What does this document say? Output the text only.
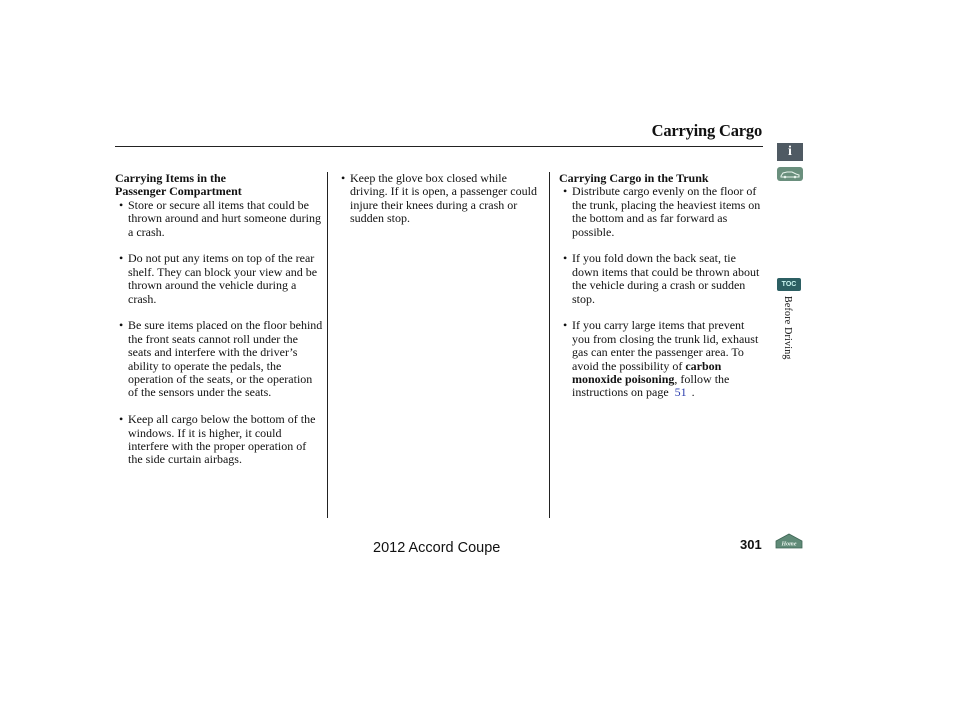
Carrying Cargo
Carrying Items in the
Passenger Compartment
• Store or secure all items that could be thrown around and hurt someone during a crash.
• Do not put any items on top of the rear shelf. They can block your view and be thrown around the vehicle during a crash.
• Be sure items placed on the floor behind the front seats cannot roll under the seats and interfere with the driver’s ability to operate the pedals, the operation of the seats, or the operation of the sensors under the seats.
• Keep all cargo below the bottom of the windows. If it is higher, it could interfere with the proper operation of the side curtain airbags.
• Keep the glove box closed while driving. If it is open, a passenger could injure their knees during a crash or sudden stop.
Carrying Cargo in the Trunk
• Distribute cargo evenly on the floor of the trunk, placing the heaviest items on the bottom and as far forward as possible.
• If you fold down the back seat, tie down items that could be thrown about the vehicle during a crash or sudden stop.
• If you carry large items that prevent you from closing the trunk lid, exhaust gas can enter the passenger area. To avoid the possibility of carbon monoxide poisoning, follow the instructions on page 51 .
i
TOC
Before Driving
Home
2012 Accord Coupe	301
